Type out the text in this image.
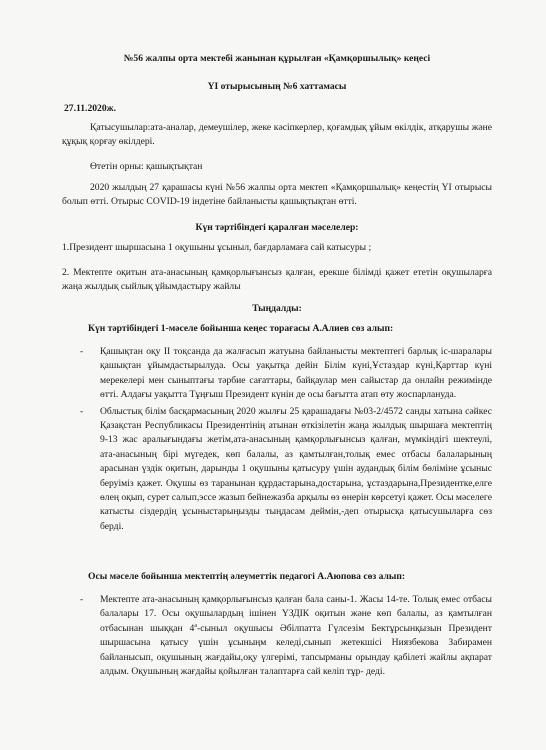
№56 жалпы орта мектебі жанынан құрылған «Қамқоршылық» кеңесі

ҮІ отырысының №6 хаттамасы

27.11.2020ж.

Қатысушылар:ата-аналар, демеушілер, жеке кәсіпкерлер, қоғамдық ұйым өкілдік, атқарушы және құқық қорғау өкілдері.

Өтетін орны: қашықтықтан

2020 жылдың 27 қарашасы күні №56 жалпы орта мектеп «Қамқоршылық» кеңестің ҮІ отырысы болып өтті. Отырыс COVID-19 індетіне байланысты қашықтықтан өтті.

Күн тәртібіндегі қаралған мәселелер:

1.Президент шыршасына 1 оқушыны ұсыныл, бағдарламаға сай катысуры ;

2. Мектепте оқитын ата-анасының қамқорлығынсыз қалған, ерекше білімді қажет ететін оқушыларға жаңа жылдық сыйлық ұйымдастыру жайлы

Тыңдалды:

Күн тәртібіндегі 1-мәселе бойынша кеңес торағасы А.Алиев сөз алып:

- Қашықтан оқу ІІ тоқсанда да жалғасып жатуына байланысты мектептегі барлық іс-шаралары қашықтан ұйымдастырылуда. Осы уақытқа дейін Білім күні,Ұстаздар күні,Қарттар күні мерекелері мен сыныптағы тәрбие сағаттары, байқаулар мен сайыстар да онлайн режимінде өтті. Алдағы уақытта Тұңғыш Президент күнін де осы бағытта атап өту жоспарлануда.
- Облыстық білім басқармасының 2020 жылғы 25 қарашадағы №03-2/4572 санды хатына сәйкес Қазақстан Республикасы Президентінің атынан өткізілетін жаңа жылдық шыршаға мектептің 9-13 жас аралығындағы жетім,ата-анасының қамқорлығынсыз қалған, мүмкіндігі шектеулі, ата-анасының бірі мүгедек, көп балалы, аз қамтылған,толық емес отбасы балаларының арасынан үздік оқитын, дарынды 1 оқушыны қатысуру үшін аудандық білім бөліміне ұсыныс беруіміз қажет. Оқушы өз таранынан құрдастарына,достарына, ұстаздарына,Президентке,елге өлең оқып, сурет салып,эссе жазып бейнежазба арқылы өз өнерін көрсетуі қажет. Осы мәселеге катысты сіздердің ұсыныстарыңызды тыңдасам деймін,-деп отырысқа қатысушыларға сөз берді.

Осы мәселе бойынша мектептің әлеуметтік педагогі А.Аюпова сөз алып:

- Мектепте ата-анасының қамқорлығынсыз қалған бала саны-1. Жасы 14-те. Толық емес отбасы балалары 17. Осы оқушылардың ішінен ҮЗДІК оқитын және көп балалы, аз қамтылған отбасынан шыққан $4^а$-сыныл оқушысы Әбілпатта Гүлсезім Бектұрсынқызын Президент шыршасына қатысу үшін ұсыныңм келеді,сынып жетекшісі Ниязбекова Забирамен байланысып, оқушының жағдайы,оқу үлгерімі, тапсырманы орындау қабілеті жайлы ақпарат алдым. Оқушының жағдайы қойылған талаптарға сай келіп тұр- деді.
